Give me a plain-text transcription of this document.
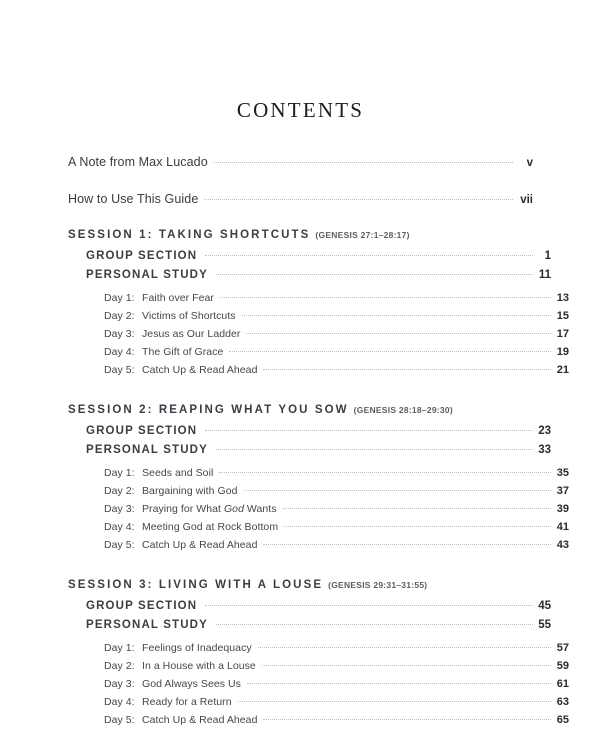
contents
A Note from Max Lucado	v
How to Use This Guide	vii
SESSION 1: TAKING SHORTCUTS (GENESIS 27:1–28:17)
GROUP SECTION	1
PERSONAL STUDY	11
Day 1: Faith over Fear	13
Day 2: Victims of Shortcuts	15
Day 3: Jesus as Our Ladder	17
Day 4: The Gift of Grace	19
Day 5: Catch Up & Read Ahead	21
SESSION 2: REAPING WHAT YOU SOW (GENESIS 28:18–29:30)
GROUP SECTION	23
PERSONAL STUDY	33
Day 1: Seeds and Soil	35
Day 2: Bargaining with God	37
Day 3: Praying for What God Wants	39
Day 4: Meeting God at Rock Bottom	41
Day 5: Catch Up & Read Ahead	43
SESSION 3: LIVING WITH A LOUSE (GENESIS 29:31–31:55)
GROUP SECTION	45
PERSONAL STUDY	55
Day 1: Feelings of Inadequacy	57
Day 2: In a House with a Louse	59
Day 3: God Always Sees Us	61
Day 4: Ready for a Return	63
Day 5: Catch Up & Read Ahead	65
